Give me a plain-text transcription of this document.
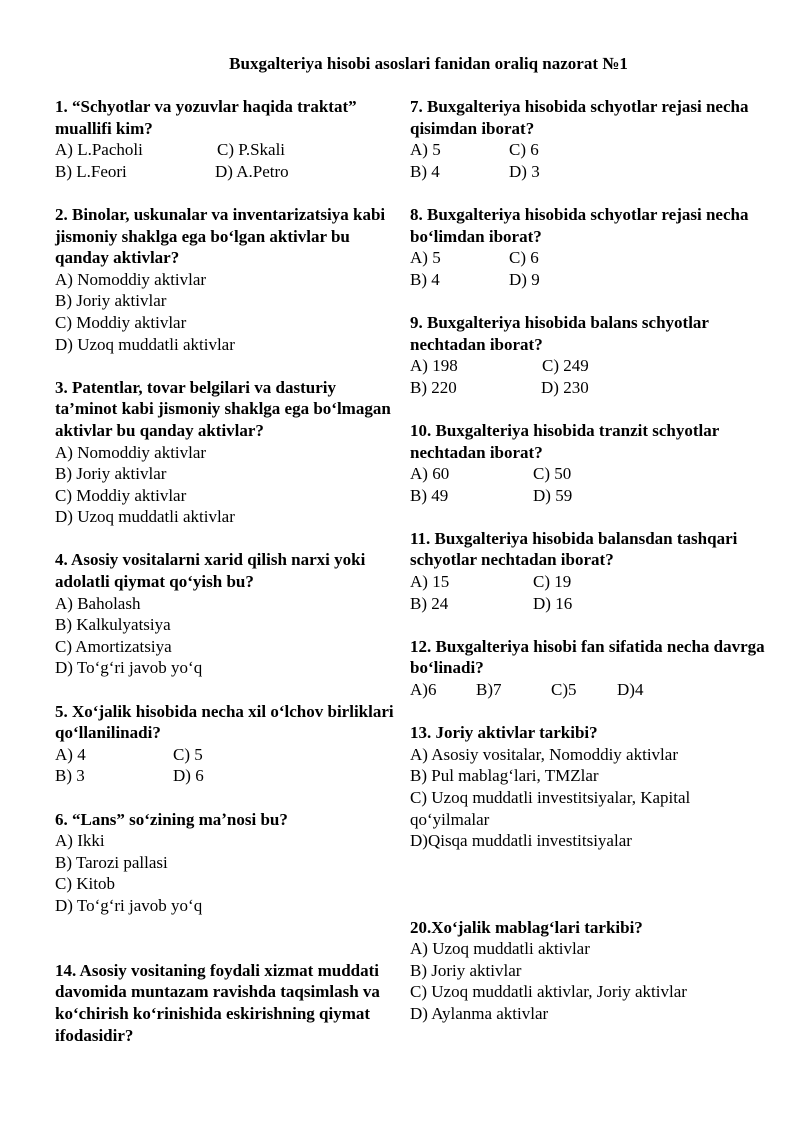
Buxgalteriya hisobi asoslari fanidan oraliq nazorat №1

1. “Schyotlar va yozuvlar haqida traktat” muallifi kim?

A) L.Pacholi	C) P.Skali
B) L.Feori	D) A.Petro

2. Binolar, uskunalar va inventarizatsiya kabi jismoniy shaklga ega boʻlgan aktivlar bu qanday aktivlar?

A) Nomoddiy aktivlar

B) Joriy aktivlar

C) Moddiy aktivlar

D) Uzoq muddatli aktivlar

3. Patentlar, tovar belgilari va dasturiy ta’minot kabi jismoniy shaklga ega boʻlmagan aktivlar bu qanday aktivlar?

A) Nomoddiy aktivlar

B) Joriy aktivlar

C) Moddiy aktivlar

D) Uzoq muddatli aktivlar

4. Asosiy vositalarni xarid qilish narxi yoki adolatli qiymat qoʻyish bu?

A) Baholash

B) Kalkulyatsiya

C) Amortizatsiya

D) Toʻgʻri javob yoʻq

5. Xoʻjalik hisobida necha xil oʻlchov birliklari qoʻllanilinadi?

A) 4	C) 5
B) 3	D) 6

6. “Lans” soʻzining maʼnosi bu?

A) Ikki

B) Tarozi pallasi

C) Kitob

D) Toʻgʻri javob yoʻq

14. Asosiy vositaning foydali xizmat muddati davomida muntazam ravishda taqsimlash va koʻchirish koʻrinishida eskirishning qiymat ifodasidir?

7. Buxgalteriya hisobida schyotlar rejasi necha qisimdan iborat?

A) 5	C) 6
B) 4	D) 3

8. Buxgalteriya hisobida schyotlar rejasi necha boʻlimdan iborat?

A) 5	C) 6
B) 4	D) 9

9. Buxgalteriya hisobida balans schyotlar nechtadan iborat?

A) 198	C) 249
B) 220	D) 230

10. Buxgalteriya hisobida tranzit schyotlar nechtadan iborat?

A) 60	C) 50
B) 49	D) 59

11. Buxgalteriya hisobida balansdan tashqari schyotlar nechtadan iborat?

A) 15	C) 19
B) 24	D) 16

12. Buxgalteriya hisobi fan sifatida necha davrga boʻlinadi?

A)6	B)7	C)5	D)4

13. Joriy aktivlar tarkibi?

A) Asosiy vositalar, Nomoddiy aktivlar

B) Pul mablagʻlari, TMZlar

C) Uzoq muddatli investitsiyalar, Kapital qoʻyilmalar

D)Qisqa muddatli investitsiyalar

20.Xoʻjalik mablagʻlari tarkibi?

A) Uzoq muddatli aktivlar

B) Joriy aktivlar

C) Uzoq muddatli aktivlar, Joriy aktivlar

D) Aylanma aktivlar
